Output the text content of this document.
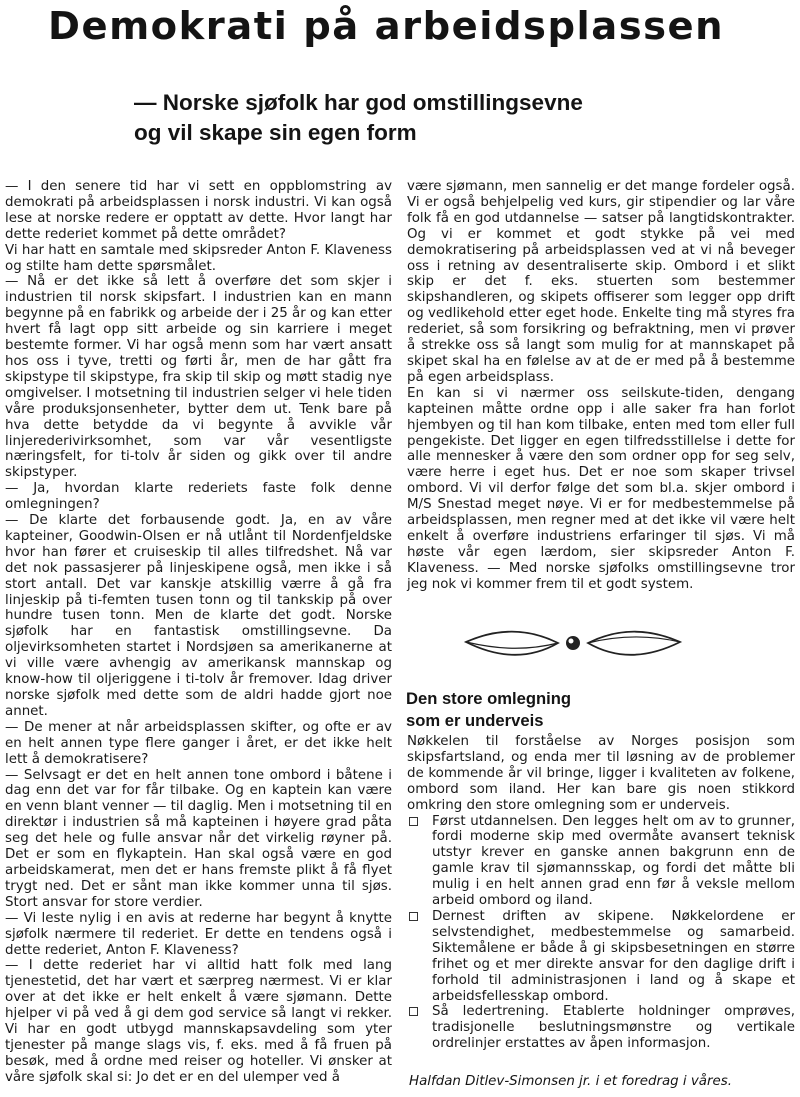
Demokrati på arbeidsplassen
— Norske sjøfolk har god omstillingsevne
og vil skape sin egen form

— I den senere tid har vi sett en oppblomstring av demokrati på arbeidsplassen i norsk industri. Vi kan også lese at norske redere er opptatt av dette. Hvor langt har dette rederiet kommet på dette området?

Vi har hatt en samtale med skipsreder Anton F. Klaveness og stilte ham dette spørsmålet.

— Nå er det ikke så lett å overføre det som skjer i industrien til norsk skipsfart. I industrien kan en mann begynne på en fabrikk og arbeide der i 25 år og kan etter hvert få lagt opp sitt arbeide og sin karriere i meget bestemte former. Vi har også menn som har vært ansatt hos oss i tyve, tretti og førti år, men de har gått fra skipstype til skipstype, fra skip til skip og møtt stadig nye omgivelser. I motsetning til industrien selger vi hele tiden våre produksjonsenheter, bytter dem ut. Tenk bare på hva dette betydde da vi begynte å avvikle vår linjerederivirksomhet, som var vår vesentligste næringsfelt, for ti-tolv år siden og gikk over til andre skipstyper.

— Ja, hvordan klarte rederiets faste folk denne omlegningen?

— De klarte det forbausende godt. Ja, en av våre kapteiner, Goodwin-Olsen er nå utlånt til Nordenfjeldske hvor han fører et cruiseskip til alles tilfredshet. Nå var det nok passasjerer på linjeskipene også, men ikke i så stort antall. Det var kanskje atskillig værre å gå fra linjeskip på ti-femten tusen tonn og til tankskip på over hundre tusen tonn. Men de klarte det godt. Norske sjøfolk har en fantastisk omstillingsevne. Da oljevirksomheten startet i Nordsjøen sa amerikanerne at vi ville være avhengig av amerikansk mannskap og know-how til oljeriggene i ti-tolv år fremover. Idag driver norske sjøfolk med dette som de aldri hadde gjort noe annet.

— De mener at når arbeidsplassen skifter, og ofte er av en helt annen type flere ganger i året, er det ikke helt lett å demokratisere?

— Selvsagt er det en helt annen tone ombord i båtene i dag enn det var for får tilbake. Og en kaptein kan være en venn blant venner — til daglig. Men i motsetning til en direktør i industrien så må kapteinen i høyere grad påta seg det hele og fulle ansvar når det virkelig røyner på. Det er som en flykaptein. Han skal også være en god arbeidskamerat, men det er hans fremste plikt å få flyet trygt ned. Det er sånt man ikke kommer unna til sjøs. Stort ansvar for store verdier.

— Vi leste nylig i en avis at rederne har begynt å knytte sjøfolk nærmere til rederiet. Er dette en tendens også i dette rederiet, Anton F. Klaveness?

— I dette rederiet har vi alltid hatt folk med lang tjenestetid, det har vært et særpreg nærmest. Vi er klar over at det ikke er helt enkelt å være sjømann. Dette hjelper vi på ved å gi dem god service så langt vi rekker. Vi har en godt utbygd mannskapsavdeling som yter tjenester på mange slags vis, f. eks. med å få fruen på besøk, med å ordne med reiser og hoteller. Vi ønsker at våre sjøfolk skal si: Jo det er en del ulemper ved å

være sjømann, men sannelig er det mange fordeler også. Vi er også behjelpelig ved kurs, gir stipendier og lar våre folk få en god utdannelse — satser på langtidskontrakter. Og vi er kommet et godt stykke på vei med demokratisering på arbeidsplassen ved at vi nå beveger oss i retning av desentraliserte skip. Ombord i et slikt skip er det f. eks. stuerten som bestemmer skipshandleren, og skipets offiserer som legger opp drift og vedlikehold etter eget hode. Enkelte ting må styres fra rederiet, så som forsikring og befraktning, men vi prøver å strekke oss så langt som mulig for at mannskapet på skipet skal ha en følelse av at de er med på å bestemme på egen arbeidsplass.

En kan si vi nærmer oss seilskute-tiden, dengang kapteinen måtte ordne opp i alle saker fra han forlot hjembyen og til han kom tilbake, enten med tom eller full pengekiste. Det ligger en egen tilfredsstillelse i dette for alle mennesker å være den som ordner opp for seg selv, være herre i eget hus. Det er noe som skaper trivsel ombord. Vi vil derfor følge det som bl.a. skjer ombord i M/S Snestad meget nøye. Vi er for medbestemmelse på arbeidsplassen, men regner med at det ikke vil være helt enkelt å overføre industriens erfaringer til sjøs. Vi må høste vår egen lærdom, sier skipsreder Anton F. Klaveness. — Med norske sjøfolks omstillingsevne tror jeg nok vi kommer frem til et godt system.

Den store omlegning
som er underveis

Nøkkelen til forståelse av Norges posisjon som skipsfartsland, og enda mer til løsning av de problemer de kommende år vil bringe, ligger i kvaliteten av folkene, ombord som iland. Her kan bare gis noen stikkord omkring den store omlegning som er underveis.

Først utdannelsen. Den legges helt om av to grunner, fordi moderne skip med overmåte avansert teknisk utstyr krever en ganske annen bakgrunn enn de gamle krav til sjømannsskap, og fordi det måtte bli mulig i en helt annen grad enn før å veksle mellom arbeid ombord og iland.
Dernest driften av skipene. Nøkkelordene er selvstendighet, medbestemmelse og samarbeid. Siktemålene er både å gi skipsbesetningen en større frihet og et mer direkte ansvar for den daglige drift i forhold til administrasjonen i land og å skape et arbeidsfellesskap ombord.
Så ledertrening. Etablerte holdninger omprøves, tradisjonelle beslutningsmønstre og vertikale ordrelinjer erstattes av åpen informasjon.
Halfdan Ditlev-Simonsen jr. i et foredrag i våres.
